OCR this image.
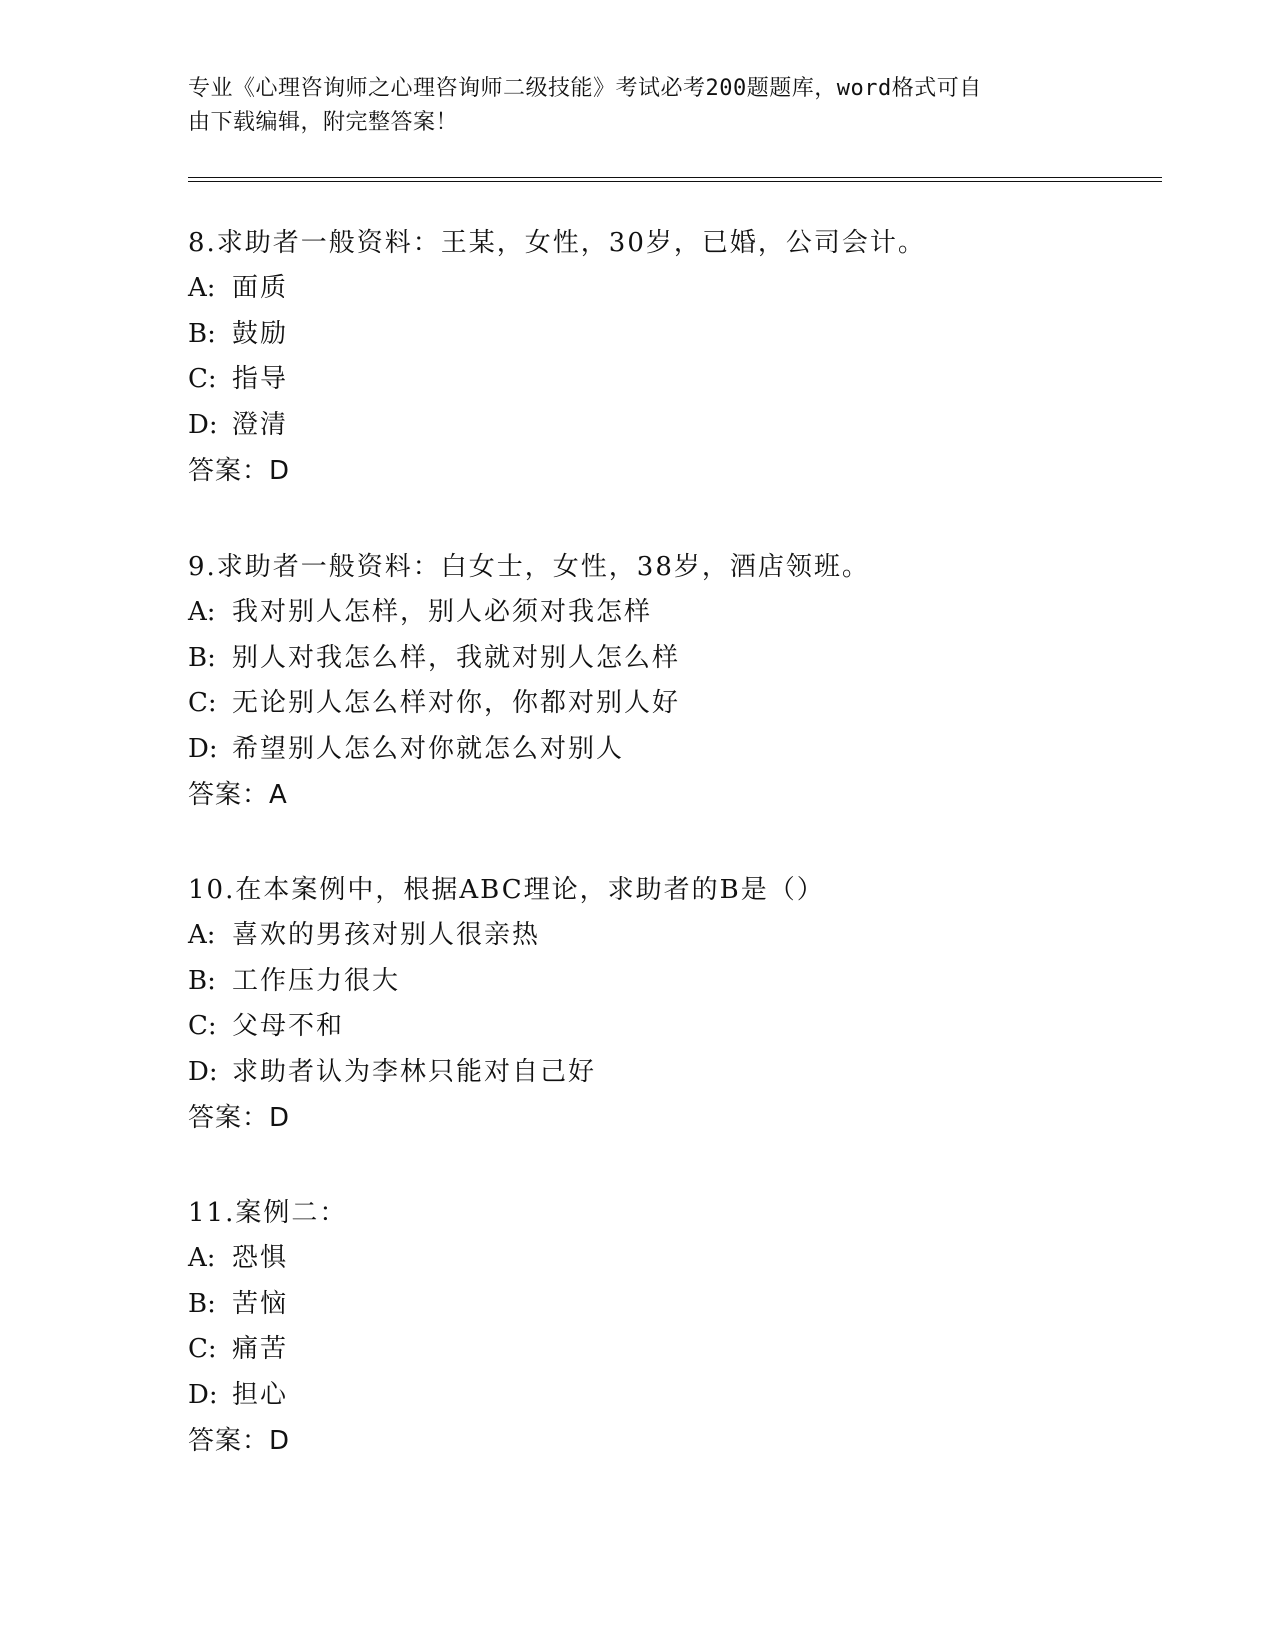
专业《心理咨询师之心理咨询师二级技能》考试必考200题题库，word格式可自
由下载编辑，附完整答案！
8.求助者一般资料：王某，女性，30岁，已婚，公司会计。
A: 面质
B: 鼓励
C: 指导
D: 澄清
答案：D
9.求助者一般资料：白女士，女性，38岁，酒店领班。
A: 我对别人怎样，别人必须对我怎样
B: 别人对我怎么样，我就对别人怎么样
C: 无论别人怎么样对你，你都对别人好
D: 希望别人怎么对你就怎么对别人
答案：A
10.在本案例中，根据ABC理论，求助者的B是（）
A: 喜欢的男孩对别人很亲热
B: 工作压力很大
C: 父母不和
D: 求助者认为李林只能对自己好
答案：D
11.案例二：
A: 恐惧
B: 苦恼
C: 痛苦
D: 担心
答案：D
